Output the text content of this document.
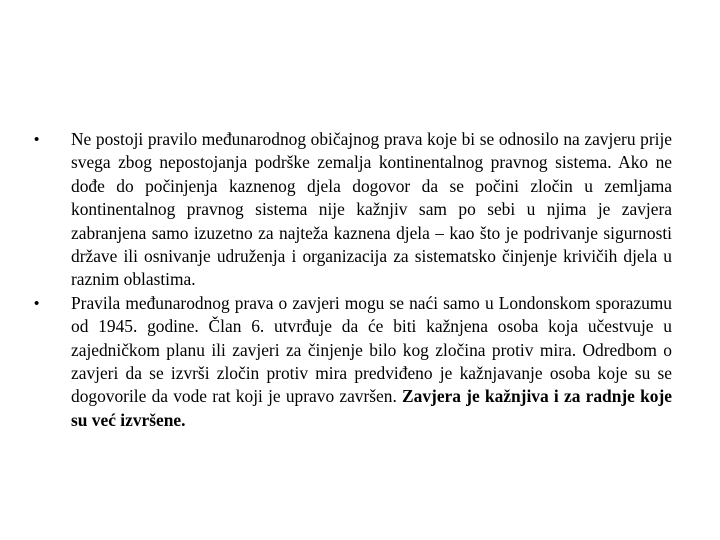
•	Ne postoji pravilo međunarodnog običajnog prava koje bi se odnosilo na zavjeru prije svega zbog nepostojanja podrške zemalja kontinentalnog pravnog sistema. Ako ne dođe do počinjenja kaznenog djela dogovor da se počini zločin u zemljama kontinentalnog pravnog sistema nije kažnjiv sam po sebi u njima je zavjera zabranjena samo izuzetno za najteža kaznena djela – kao što je podrivanje sigurnosti države ili osnivanje udruženja i organizacija za sistematsko činjenje krivičih djela u raznim oblastima.
•	Pravila međunarodnog prava o zavjeri mogu se naći samo u Londonskom sporazumu od 1945. godine. Član 6. utvrđuje da će biti kažnjena osoba koja učestvuje u zajedničkom planu ili zavjeri za činjenje bilo kog zločina protiv mira. Odredbom o zavjeri da se izvrši zločin protiv mira predviđeno je kažnjavanje osoba koje su se dogovorile da vode rat koji je upravo završen. Zavjera je kažnjiva i za radnje koje su već izvršene.
